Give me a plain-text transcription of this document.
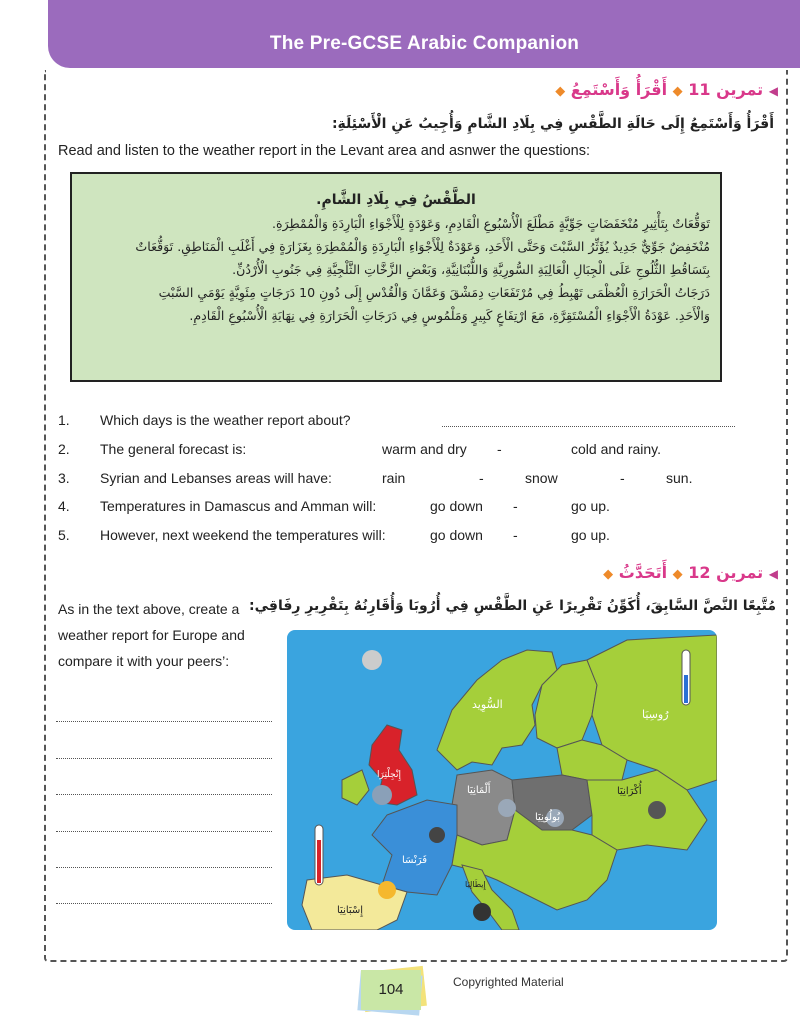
The Pre-GCSE Arabic Companion
◀ تمرين 11 ◆ أَقْرَأُ وَأَسْتَمِعُ ◆
أَقْرَأُ وَأَسْتَمِعُ إِلَى حَالَةِ الطَّقْسِ فِي بِلَادِ الشَّامِ وَأُجِيبُ عَنِ الْأَسْئِلَةِ:
Read and listen to the weather report in the Levant area and asnwer the questions:
الطَّقْسُ فِي بِلَادِ الشَّامِ.
تَوَقُّعَاتٌ بِتَأْثِيرِ مُنْخَفَضَاتٍ جَوِّيَّةٍ مَطْلَعَ الْأُسْبُوعِ الْقَادِمِ، وَعَوْدَةٍ لِلْأَجْوَاءِ الْبَارِدَةِ وَالْمُمْطِرَةِ.
مُنْخَفِضٌ جَوِّيٌّ جَدِيدٌ يُؤَثِّرُ السَّبْتَ وَحَتَّى الْأَحَدِ، وَعَوْدَةٌ لِلْأَجْوَاءِ الْبَارِدَةِ وَالْمُمْطِرَةِ بِغَزَارَةٍ فِي أَغْلَبِ الْمَنَاطِقِ. تَوَقُّعَاتٌ
بِتَسَاقُطِ الثُّلُوجِ عَلَى الْجِبَالِ الْعَالِيَةِ السُّورِيَّةِ وَاللُّبْنَانِيَّةِ، وَبَعْضِ الزَّخَّاتِ الثَّلْجِيَّةِ فِي جَنُوبِ الْأُرْدُنِّ.
دَرَجَاتُ الْحَرَارَةِ الْعُظْمَى تَهْبِطُ فِي مُرْتَفَعَاتِ دِمَشْقَ وَعَمَّانَ وَالْقُدْسِ إِلَى دُونِ 10 دَرَجَاتٍ مِئَوِيَّةٍ يَوْمَيِ السَّبْتِ
وَالْأَحَدِ. عَوْدَةُ الْأَجْوَاءِ الْمُسْتَقِرَّةِ، مَعَ ارْتِفَاعٍ كَبِيرٍ وَمَلْمُوسٍ فِي دَرَجَاتِ الْحَرَارَةِ فِي نِهَايَةِ الْأُسْبُوعِ الْقَادِمِ.
1. Which days is the weather report about?
2. The general forecast is:	warm and dry -	cold and rainy.
3. Syrian and Lebanses areas will have:	rain	-	snow	-	sun.
4. Temperatures in Damascus and Amman will:	go down -	go up.
5. However, next weekend the temperatures will:	go down -	go up.
◀ تمرين 12 ◆ أَتَحَدَّثُ ◆
مُتَّبِعًا النَّصَّ السَّابِقَ، أُكَوِّنُ تَقْرِيرًا عَنِ الطَّقْسِ فِي أُرُوبَا وَأُقَارِنُهُ بِتَقْرِيرِ رِفَاقِي:
As in the text above, create a weather report for Europe and compare it with your peers’:
السُّوِيد
رُوسِيَا
إِنْجِلْتِرَا
أَلْمَانِيَا
بُولُونِيَا
أُكْرَانِيَا
فَرَنْسَا
إِيطَالِيَا
إِسْبَانِيَا
104	Copyrighted Material
